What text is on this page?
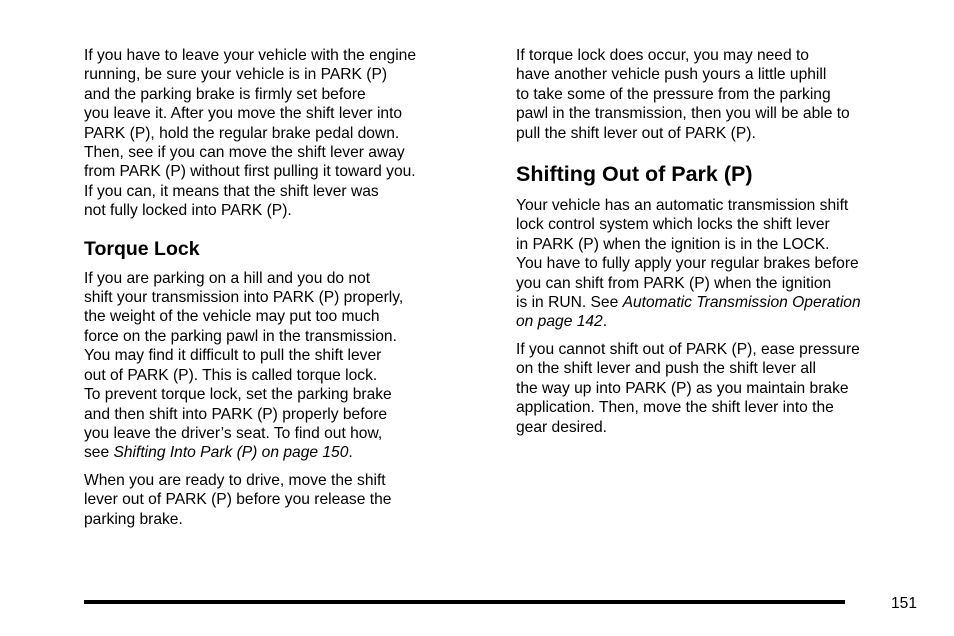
If you have to leave your vehicle with the engine
running, be sure your vehicle is in PARK (P)
and the parking brake is firmly set before
you leave it. After you move the shift lever into
PARK (P), hold the regular brake pedal down.
Then, see if you can move the shift lever away
from PARK (P) without first pulling it toward you.
If you can, it means that the shift lever was
not fully locked into PARK (P).

Torque Lock

If you are parking on a hill and you do not
shift your transmission into PARK (P) properly,
the weight of the vehicle may put too much
force on the parking pawl in the transmission.
You may find it difficult to pull the shift lever
out of PARK (P). This is called torque lock.
To prevent torque lock, set the parking brake
and then shift into PARK (P) properly before
you leave the driver’s seat. To find out how,
see Shifting Into Park (P) on page 150.

When you are ready to drive, move the shift
lever out of PARK (P) before you release the
parking brake.

If torque lock does occur, you may need to
have another vehicle push yours a little uphill
to take some of the pressure from the parking
pawl in the transmission, then you will be able to
pull the shift lever out of PARK (P).

Shifting Out of Park (P)

Your vehicle has an automatic transmission shift
lock control system which locks the shift lever
in PARK (P) when the ignition is in the LOCK.
You have to fully apply your regular brakes before
you can shift from PARK (P) when the ignition
is in RUN. See Automatic Transmission Operation
on page 142.

If you cannot shift out of PARK (P), ease pressure
on the shift lever and push the shift lever all
the way up into PARK (P) as you maintain brake
application. Then, move the shift lever into the
gear desired.

151
